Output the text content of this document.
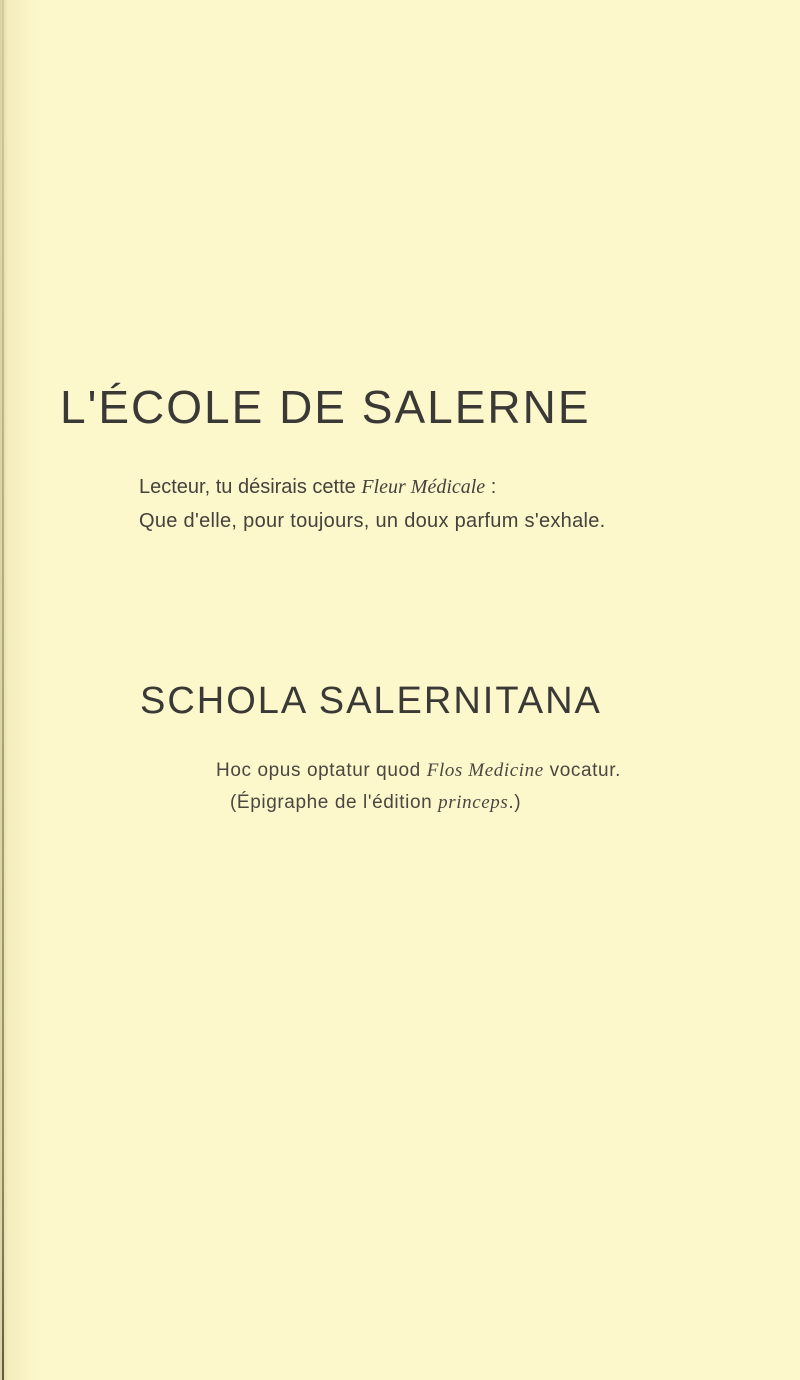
L'ÉCOLE DE SALERNE
Lecteur, tu désirais cette Fleur Médicale :
Que d'elle, pour toujours, un doux parfum s'exhale.
SCHOLA SALERNITANA
Hoc opus optatur quod Flos Medicine vocatur.
(Épigraphe de l'édition princeps.)
